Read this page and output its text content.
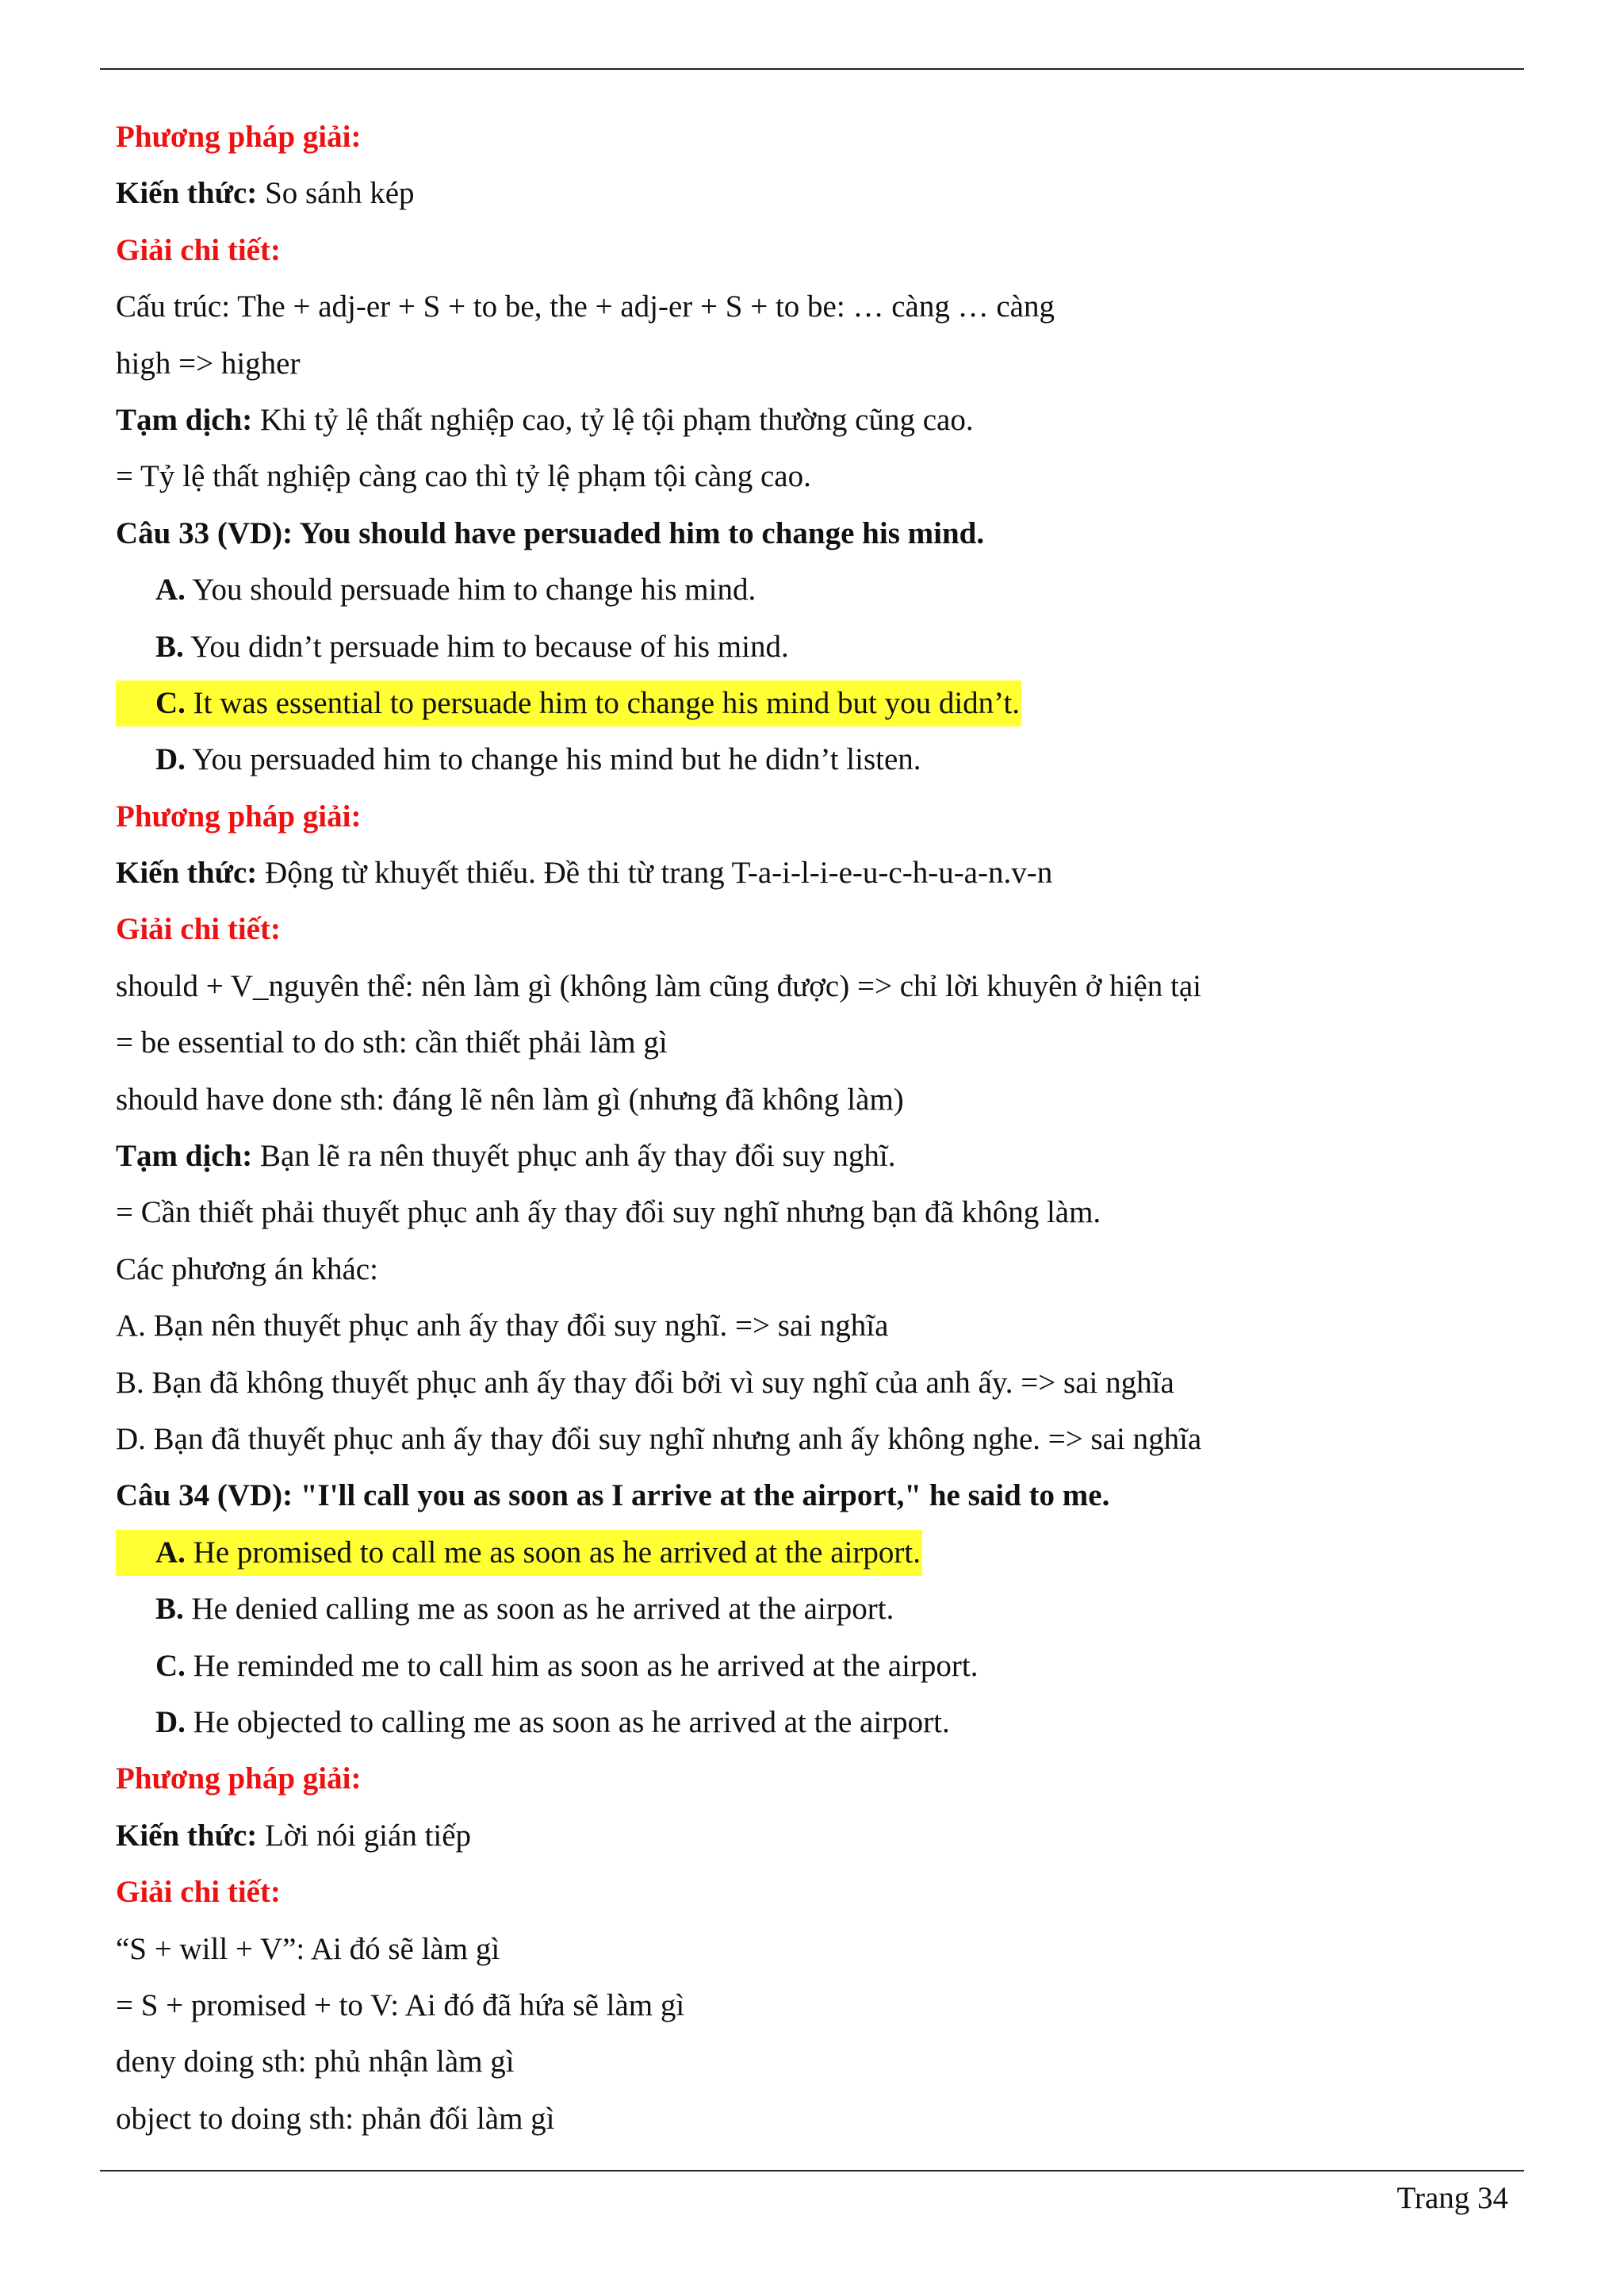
Phương pháp giải:
Kiến thức: So sánh kép
Giải chi tiết:
Cấu trúc: The + adj-er + S + to be, the + adj-er + S + to be: … càng … càng
high => higher
Tạm dịch: Khi tỷ lệ thất nghiệp cao, tỷ lệ tội phạm thường cũng cao.
= Tỷ lệ thất nghiệp càng cao thì tỷ lệ phạm tội càng cao.
Câu 33 (VD): You should have persuaded him to change his mind.
A. You should persuade him to change his mind.
B. You didn’t persuade him to because of his mind.
C. It was essential to persuade him to change his mind but you didn’t.
D. You persuaded him to change his mind but he didn’t listen.
Phương pháp giải:
Kiến thức: Động từ khuyết thiếu. Đề thi từ trang T-a-i-l-i-e-u-c-h-u-a-n.v-n
Giải chi tiết:
should + V_nguyên thể: nên làm gì (không làm cũng được) => chỉ lời khuyên ở hiện tại
= be essential to do sth: cần thiết phải làm gì
should have done sth: đáng lẽ nên làm gì (nhưng đã không làm)
Tạm dịch: Bạn lẽ ra nên thuyết phục anh ấy thay đổi suy nghĩ.
= Cần thiết phải thuyết phục anh ấy thay đổi suy nghĩ nhưng bạn đã không làm.
Các phương án khác:
A. Bạn nên thuyết phục anh ấy thay đổi suy nghĩ. => sai nghĩa
B. Bạn đã không thuyết phục anh ấy thay đổi bởi vì suy nghĩ của anh ấy. => sai nghĩa
D. Bạn đã thuyết phục anh ấy thay đổi suy nghĩ nhưng anh ấy không nghe. => sai nghĩa
Câu 34 (VD): "I'll call you as soon as I arrive at the airport," he said to me.
A. He promised to call me as soon as he arrived at the airport.
B. He denied calling me as soon as he arrived at the airport.
C. He reminded me to call him as soon as he arrived at the airport.
D. He objected to calling me as soon as he arrived at the airport.
Phương pháp giải:
Kiến thức: Lời nói gián tiếp
Giải chi tiết:
“S + will + V”: Ai đó sẽ làm gì
= S + promised + to V: Ai đó đã hứa sẽ làm gì
deny doing sth: phủ nhận làm gì
object to doing sth: phản đối làm gì
Trang 34
